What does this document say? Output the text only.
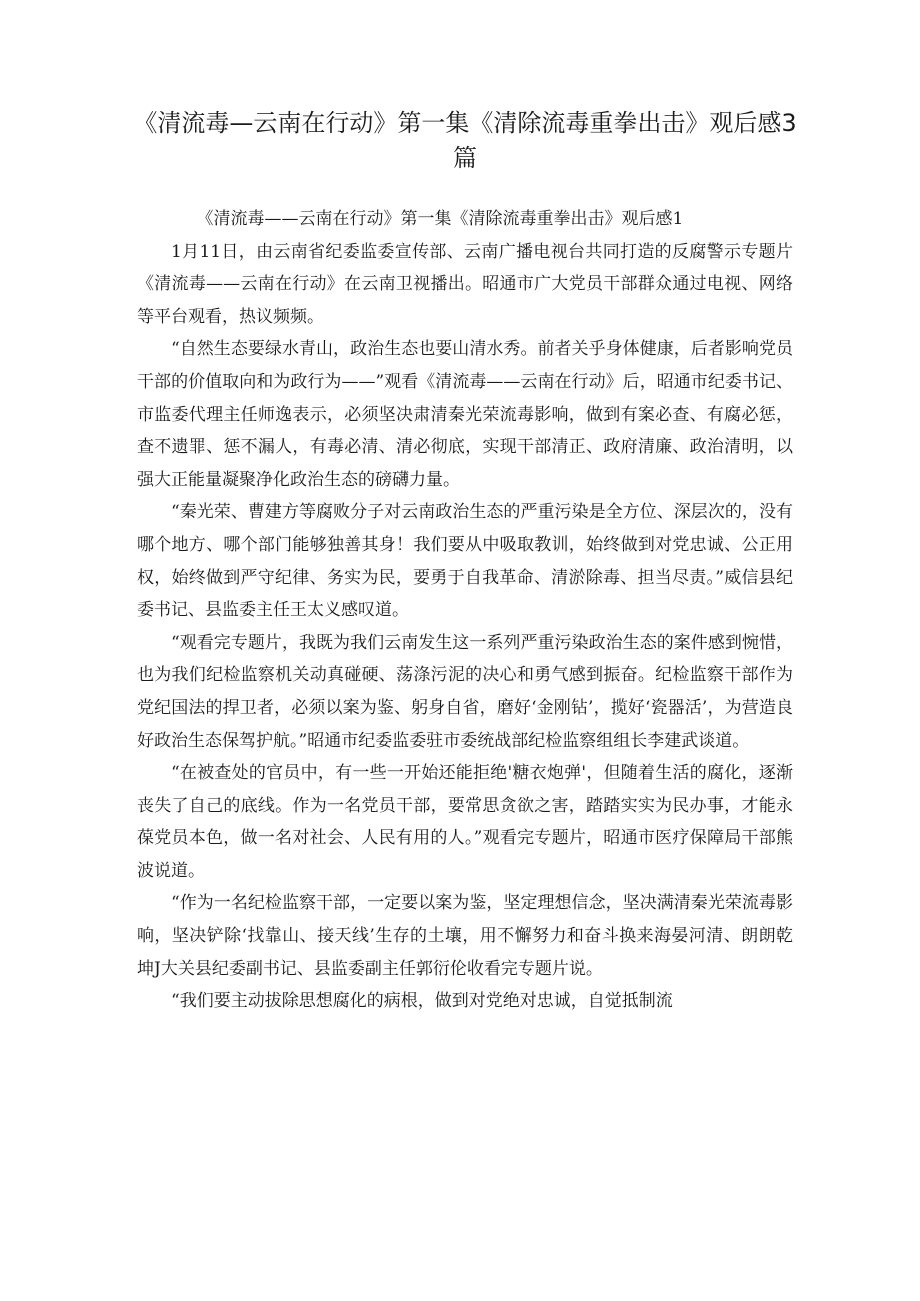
《清流毒—云南在行动》第一集《清除流毒重拳出击》观后感3篇

《清流毒——云南在行动》第一集《清除流毒重拳出击》观后感1

1月11日，由云南省纪委监委宣传部、云南广播电视台共同打造的反腐警示专题片《清流毒——云南在行动》在云南卫视播出。昭通市广大党员干部群众通过电视、网络等平台观看，热议频频。

“自然生态要绿水青山，政治生态也要山清水秀。前者关乎身体健康，后者影响党员干部的价值取向和为政行为——”观看《清流毒——云南在行动》后，昭通市纪委书记、市监委代理主任师逸表示，必须坚决肃清秦光荣流毒影响，做到有案必查、有腐必惩，查不遗罪、惩不漏人，有毒必清、清必彻底，实现干部清正、政府清廉、政治清明，以强大正能量凝聚净化政治生态的磅礴力量。

“秦光荣、曹建方等腐败分子对云南政治生态的严重污染是全方位、深层次的，没有哪个地方、哪个部门能够独善其身！我们要从中吸取教训，始终做到对党忠诚、公正用权，始终做到严守纪律、务实为民，要勇于自我革命、清淤除毒、担当尽责。”威信县纪委书记、县监委主任王太义感叹道。

“观看完专题片，我既为我们云南发生这一系列严重污染政治生态的案件感到惋惜，也为我们纪检监察机关动真碰硬、荡涤污泥的决心和勇气感到振奋。纪检监察干部作为党纪国法的捍卫者，必须以案为鉴、躬身自省，磨好‘金刚钻’，揽好‘瓷器活’，为营造良好政治生态保驾护航。”昭通市纪委监委驻市委统战部纪检监察组组长李建武谈道。

“在被查处的官员中，有一些一开始还能拒绝'糖衣炮弹'，但随着生活的腐化，逐渐丧失了自己的底线。作为一名党员干部，要常思贪欲之害，踏踏实实为民办事，才能永葆党员本色，做一名对社会、人民有用的人。”观看完专题片，昭通市医疗保障局干部熊波说道。

“作为一名纪检监察干部，一定要以案为鉴，坚定理想信念，坚决满清秦光荣流毒影响，坚决铲除‘找靠山、接天线’生存的土壤，用不懈努力和奋斗换来海晏河清、朗朗乾坤J大关县纪委副书记、县监委副主任郭衍伦收看完专题片说。

“我们要主动拔除思想腐化的病根，做到对党绝对忠诚，自觉抵制流
